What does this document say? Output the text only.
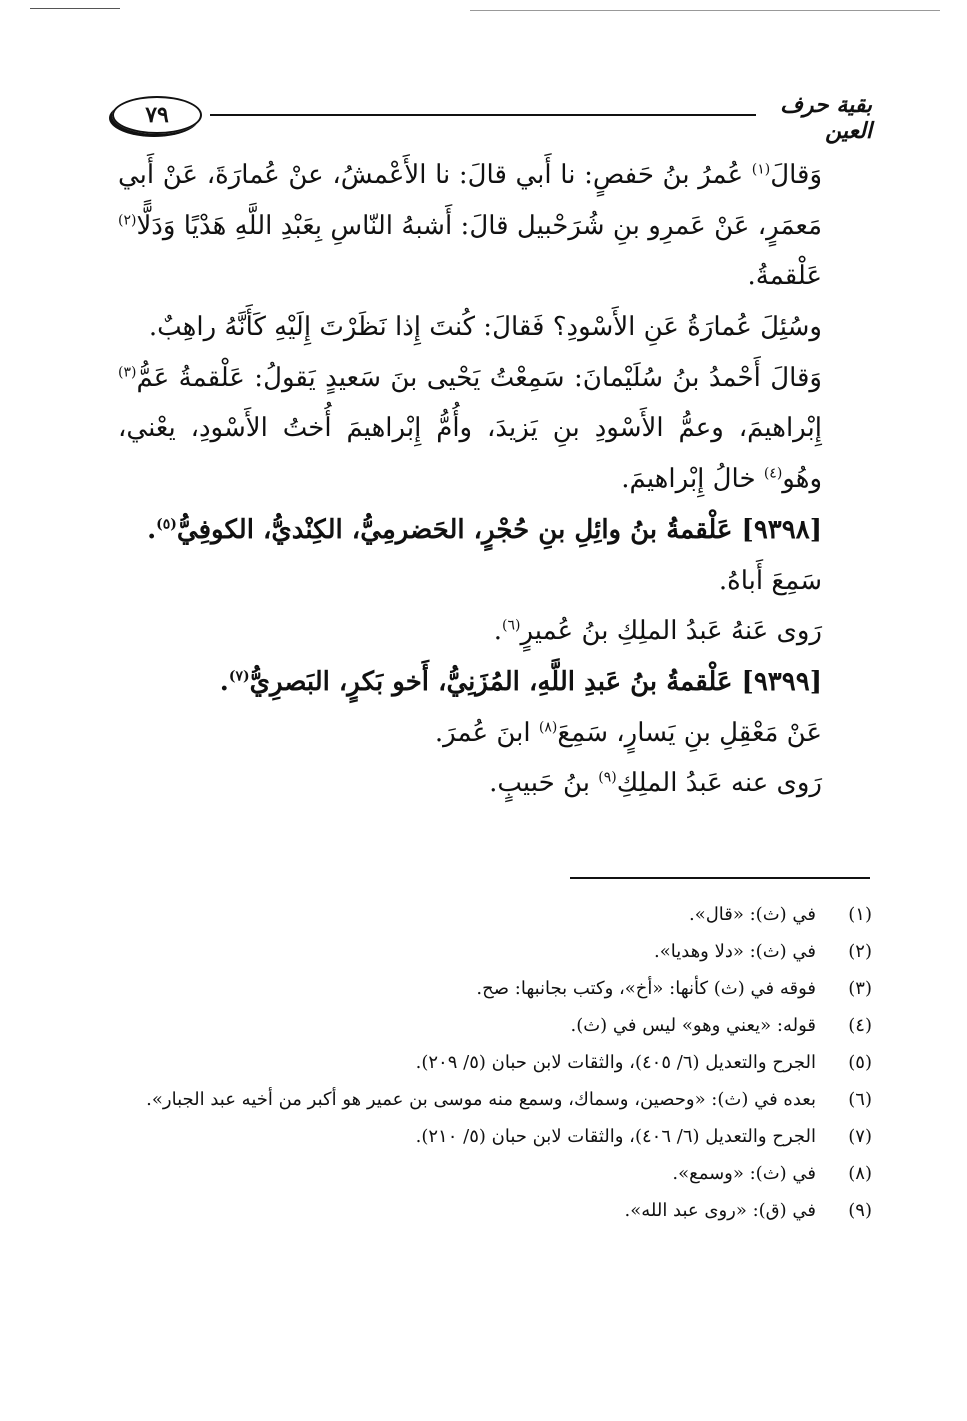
٧٩	بقية حرف العين

وَقالَ$^{(١)}$ عُمرُ بنُ حَفصٍ: نا أَبي قالَ: نا الأَعْمشُ، عنْ عُمارَةَ، عَنْ أَبي مَعمَرٍ، عَنْ عَمرِو بنِ شُرَحْبيل قالَ: أَشبهُ النّاسِ بِعَبْدِ اللَّهِ هَدْيًا وَدَلًّا$^{(٢)}$ عَلْقمةُ.

وسُئِلَ عُمارَةُ عَنِ الأَسْودِ؟ فَقالَ: كُنتَ إِذا نَظَرْتَ إِلَيْهِ كَأَنَّهُ راهِبٌ.

وَقالَ أَحْمدُ بنُ سُلَيْمانَ: سَمِعْتُ يَحْيى بنَ سَعيدٍ يَقولُ: عَلْقمةُ عَمُّ$^{(٣)}$ إِبْراهيمَ، وعمُّ الأَسْودِ بنِ يَزيدَ، وأُمُّ إِبْراهيمَ أُختُ الأَسْودِ، يعْني، وهُو$^{(٤)}$ خالُ إِبْراهيمَ.

[٩٣٩٨] عَلْقمةُ بنُ وائِلِ بنِ حُجْرٍ، الحَضرمِيُّ، الكِنْديُّ، الكوفِيُّ$^{(٥)}$.

سَمِعَ أَباهُ.

رَوى عَنهُ عَبدُ الملِكِ بنُ عُميرٍ$^{(٦)}$.

[٩٣٩٩] عَلْقمةُ بنُ عَبدِ اللَّهِ، المُزَنِيُّ، أَخو بَكرٍ، البَصرِيُّ$^{(٧)}$.

عَنْ مَعْقِلِ بنِ يَسارٍ، سَمِعَ$^{(٨)}$ ابنَ عُمرَ.

رَوى عنه عَبدُ الملِكِ$^{(٩)}$ بنُ حَبيبٍ.

(١)
في (ث): «قال».
(٢)
في (ث): «دلا وهديا».
(٣)
فوقه في (ث) كأنها: «أخ»، وكتب بجانبها: صح.
(٤)
قوله: «يعني وهو» ليس في (ث).
(٥)
الجرح والتعديل (٦/ ٤٠٥)، والثقات لابن حبان (٥/ ٢٠٩).
(٦)
بعده في (ث): «وحصين، وسماك، وسمع منه موسى بن عمير هو أكبر من أخيه عبد الجبار».
(٧)
الجرح والتعديل (٦/ ٤٠٦)، والثقات لابن حبان (٥/ ٢١٠).
(٨)
في (ث): «وسمع».
(٩)
في (ق): «روى عبد الله».
